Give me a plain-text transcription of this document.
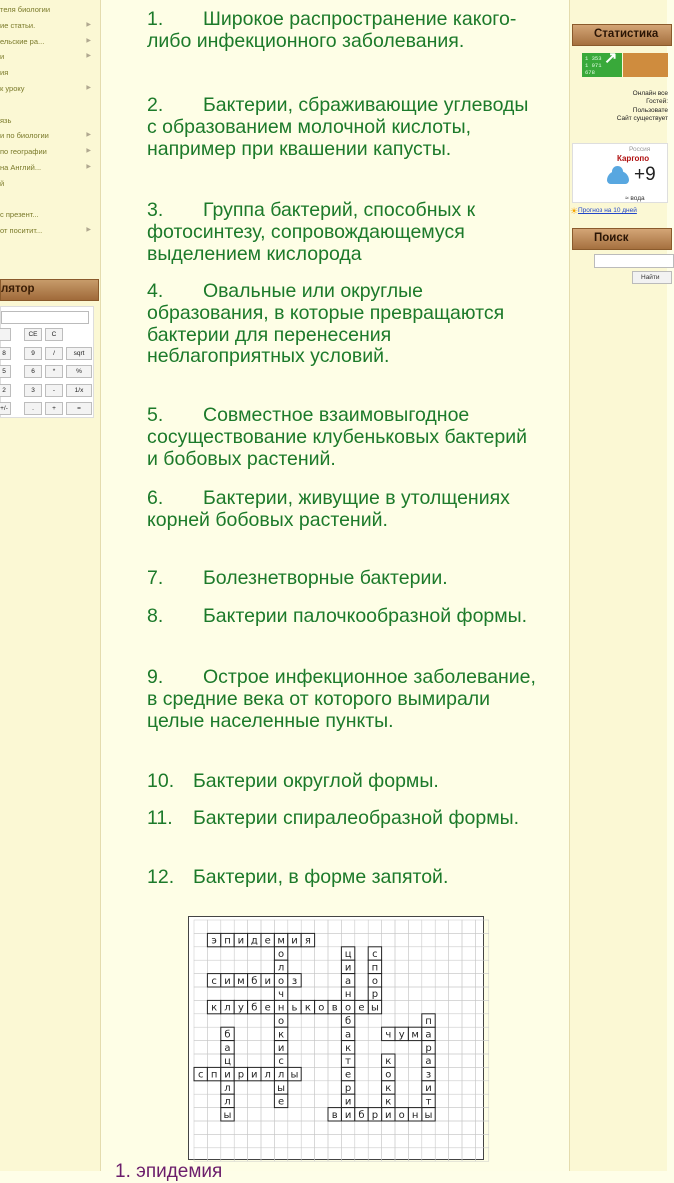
теля биологии
ие статьи.	▶
ельские ра...	▶
и	▶
ия
к уроку	▶
язь
и по биологии	▶
по географии	▶
на Англий...	▶
й
с презент...
от поситит...	▶
лятор
CE	C
8	9	/	sqrt
5	6	*	%
2	3	-	1/x
+/-	.	+	=
1. Широкое распространение какого-либо инфекционного заболевания.
2. Бактерии, сбраживающие углеводы с образованием молочной кислоты, например при квашении капусты.
3. Группа бактерий, способных к фотосинтезу, сопровождающемуся выделением кислорода
4. Овальные или округлые образования, в которые превращаются бактерии для перенесения неблагоприятных условий.
5. Совместное взаимовыгодное сосуществование клубеньковых бактерий и бобовых растений.
6. Бактерии, живущие в утолщениях корней бобовых растений.
7. Болезнетворные бактерии.
8. Бактерии палочкообразной формы.
9. Острое инфекционное заболевание, в средние века от которого вымирали целые населенные пункты.
10. Бактерии округлой формы.
11. Бактерии спиралеобразной формы.
12. Бактерии, в форме запятой.
э п и д е м и я
о
л
ч
н
о
к
и
с
л
ы
е
с и м б и о з
ц
и
а
н
о
б
а
к
т
е
р
и
и
с
п
о
р
ы
к л у б е ь к о в е
б
а
ц
л
л
ы
с п и р и л ы
ч у м а
п
р
а
з
и
т
ы
к
о
к
к
и
в б р о н
1. эпидемия
Статистика
1 353
1 071
678
↗
Онлайн все
Гостей:
Пользовате
Сайт существует
Россия
Каргопо
+9
≈ вода
☀ Прогноз на 10 дней
Поиск
Найти
